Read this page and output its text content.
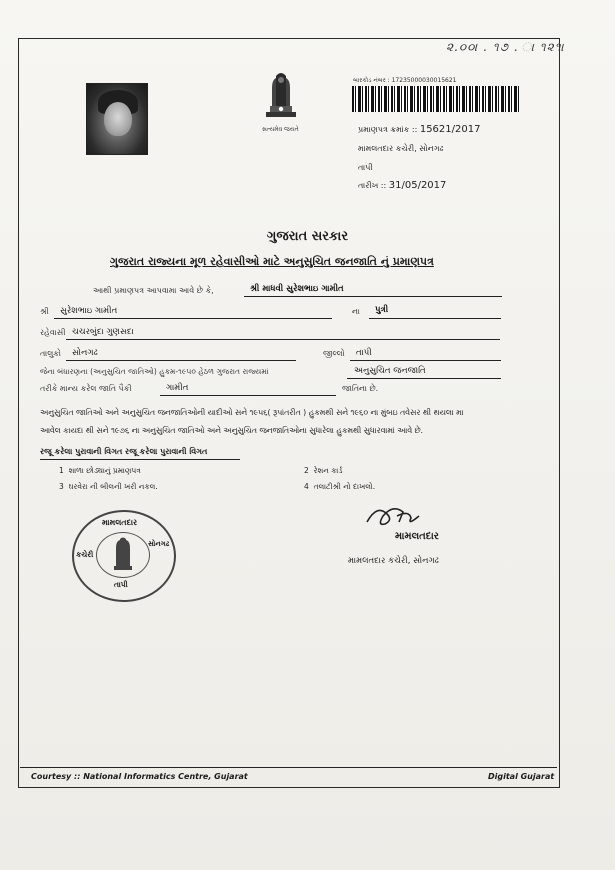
૨.૦૦ા . ૧૭ . ા ૧૨૧ા
સત્યમેવ જયતે
બારકોડ નંબર : 17235000030015621
પ્રમાણપત્ર ક્રમાંક :: 15621/2017
મામલતદાર કચેરી, સોનગઢ
તાપી
તારીખ :: 31/05/2017
ગુજરાત સરકાર
ગુજરાત રાજ્યના મૂળ રહેવાસીઓ માટે અનુસુચિત જનજાતિ નું પ્રમાણપત્ર
આથી પ્રમાણપત્ર આપવામા આવે છે કે,	શ્રી માધવી સુરેશભાઇ ગામીત
શ્રી સુરેશભાઇ ગામીત	ના પુત્રી
રહેવાસી ચચરબુંદા ગુણસદા
તાલુકો સોનગઢ	જીલ્લો તાપી
જેના બંધારણના (અનુસુચિત જાતિઓ) હુકમ-૧૯૫૦ હેઠળ ગુજરાત રાજ્યમાં	અનુસુચિત જનજાતિ
તરીકે માન્ય કરેલ જાતિ પૈકી	ગામીત	જાતિના છે.
અનુસુચિત જાતિઓ અને અનુસુચિત જનજાતિઓની યાદીઓ સને ૧૯૫૬( રૂપાંતરીત ) હુકમથી સને ૧૯૬૦ ના મુંબઇ તવેસર થી થયલા મા
આવેલ કાયદા થી સને ૧૯૭૬ ના અનુસુચિત જાતિઓ અને અનુસુચિત જનજાતિઓના સુધારેલા હુકમથી સુધારવામાં આવે છે.
રજૂ કરેલા પુરાવાની વિગત રજૂ કરેલા પુરાવાની વિગત
1 શાળા છોડ્યાનું પ્રમાણપત્ર	2 રેશન કાર્ડ
3 ઘરવેરા ની બીલની ખરી નકલ.	4 તલાટીશ્રી નો દાખલો.
મામલતદાર
કચેરી
સોનગઢ
તાપી
મામલતદાર
મામલતદાર કચેરી, સોનગઢ
Courtesy :: National Informatics Centre, Gujarat	Digital Gujarat
